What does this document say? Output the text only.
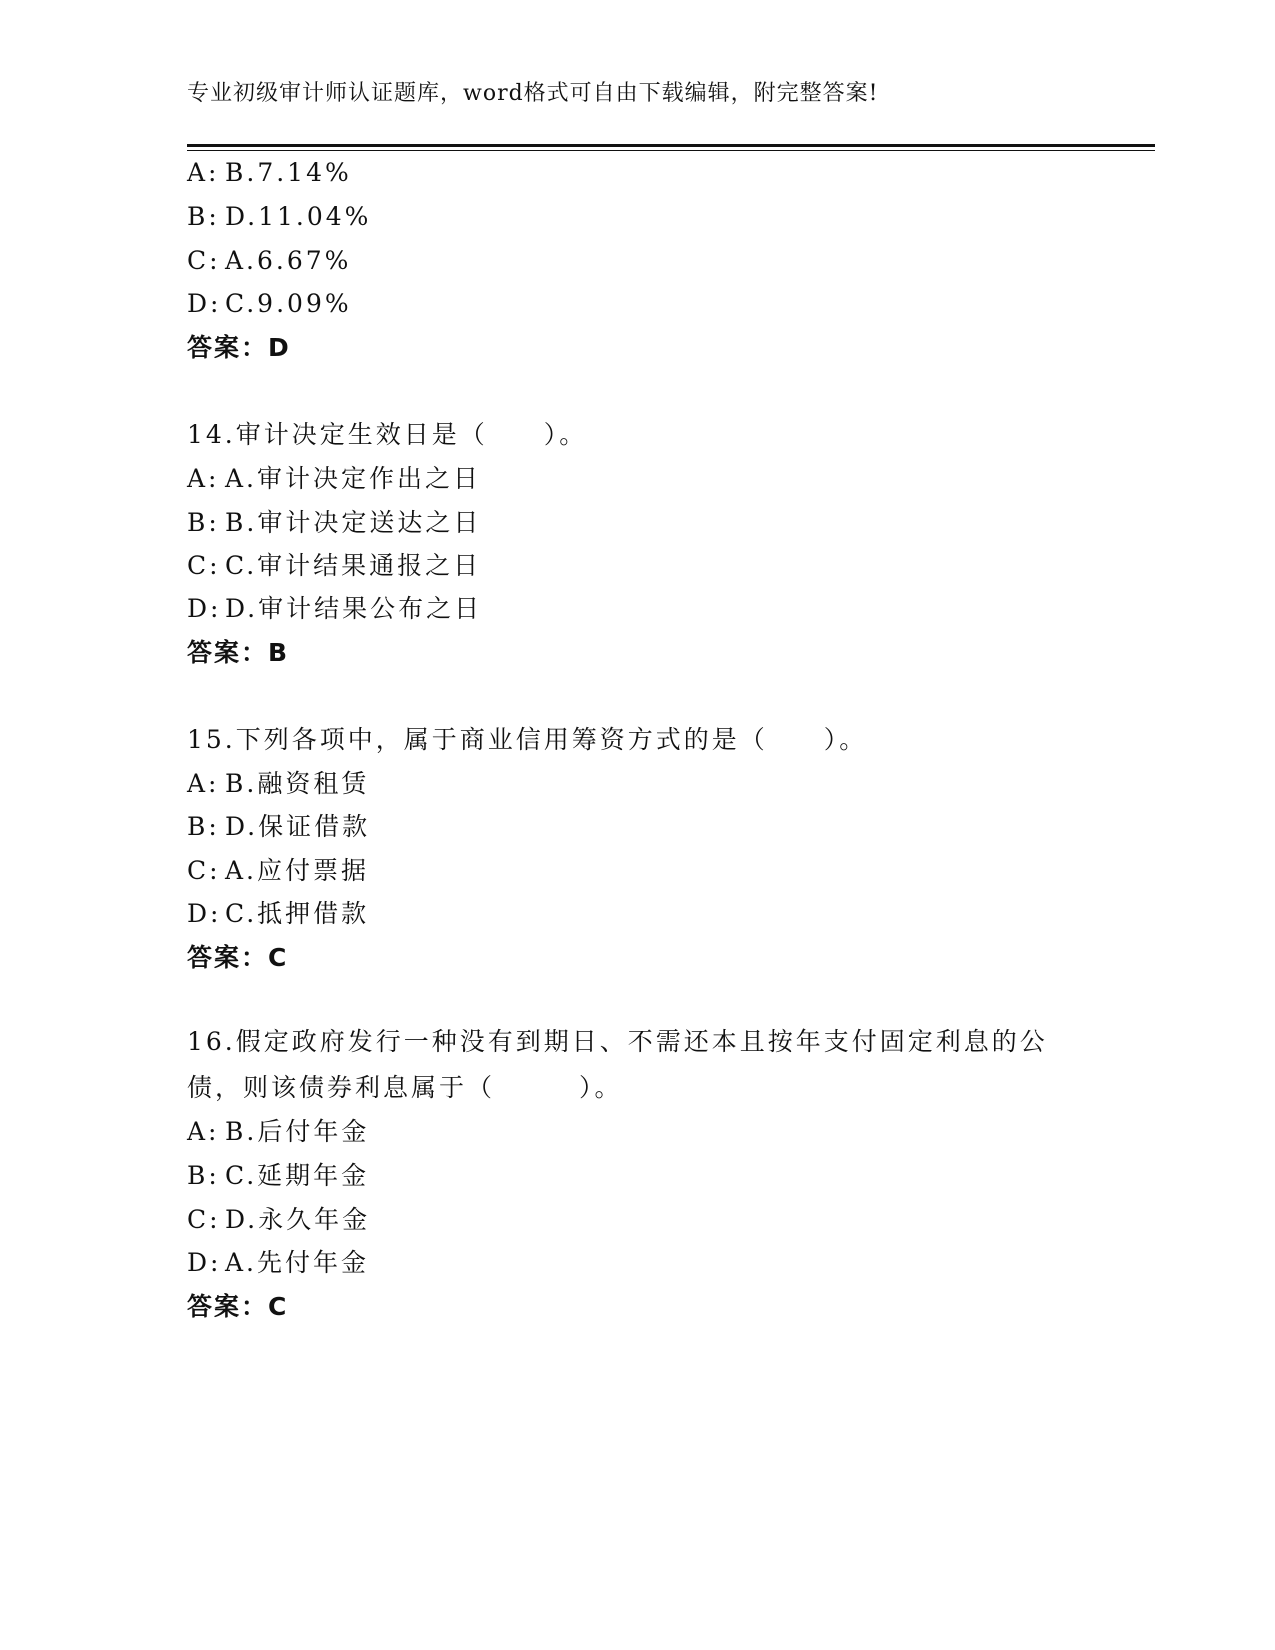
专业初级审计师认证题库，word格式可自由下载编辑，附完整答案!
A: B.7.14%
B: D.11.04%
C: A.6.67%
D: C.9.09%
答案：D
14.审计决定生效日是（　　）。
A: A.审计决定作出之日
B: B.审计决定送达之日
C: C.审计结果通报之日
D: D.审计结果公布之日
答案：B
15.下列各项中，属于商业信用筹资方式的是（　　）。
A: B.融资租赁
B: D.保证借款
C: A.应付票据
D: C.抵押借款
答案：C
16.假定政府发行一种没有到期日、不需还本且按年支付固定利息的公债，则该债券利息属于（　　　）。
A: B.后付年金
B: C.延期年金
C: D.永久年金
D: A.先付年金
答案：C
